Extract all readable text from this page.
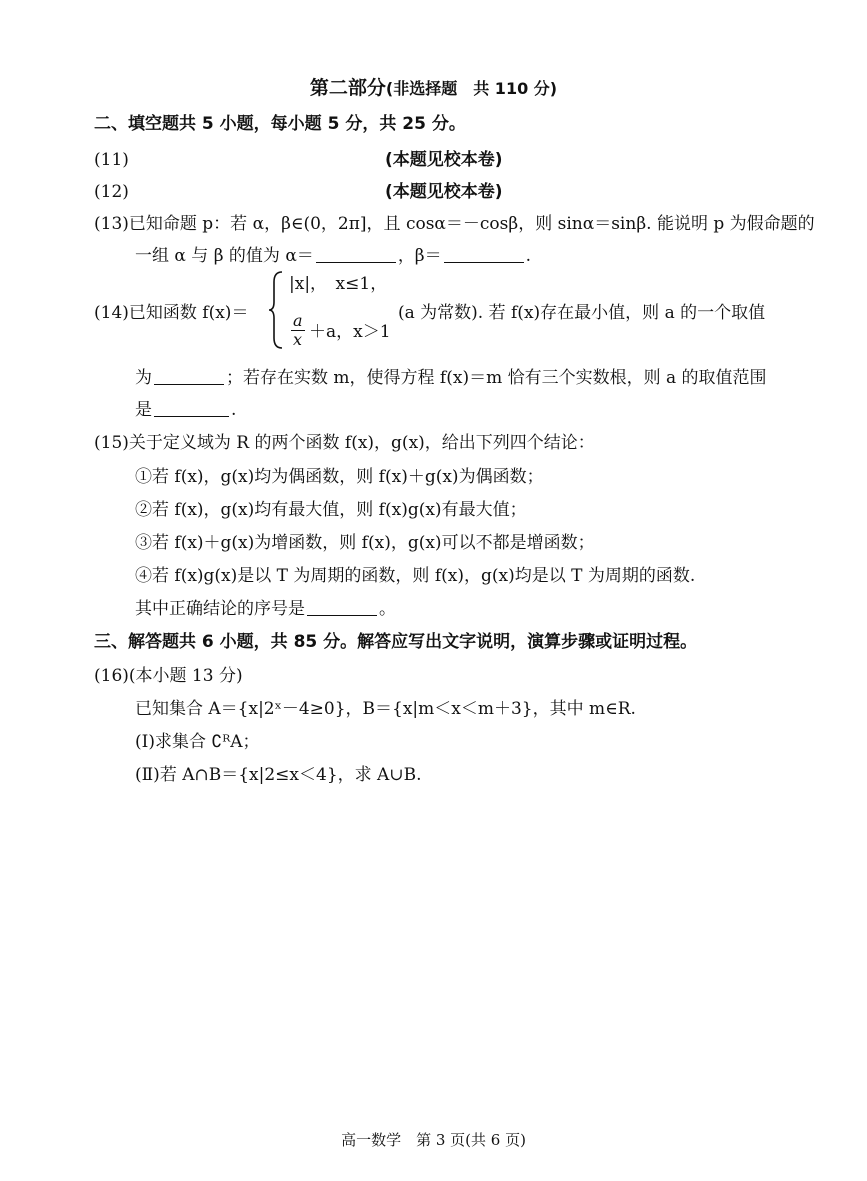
第二部分(非选择题　共 110 分)
二、填空题共 5 小题，每小题 5 分，共 25 分。
(11)	(本题见校本卷)
(12)	(本题见校本卷)
(13)已知命题 p：若 α，β∈(0，2π]，且 cosα＝－cosβ，则 sinα＝sinβ. 能说明 p 为假命题的
一组 α 与 β 的值为 α＝	，β＝	.
(14)已知函数 f(x)＝
|x|，　x≤1，
a
x ＋a，x＞1
(a 为常数). 若 f(x)存在最小值，则 a 的一个取值
为	；若存在实数 m，使得方程 f(x)＝m 恰有三个实数根，则 a 的取值范围
是	.
(15)关于定义域为 R 的两个函数 f(x)，g(x)，给出下列四个结论：
①若 f(x)，g(x)均为偶函数，则 f(x)＋g(x)为偶函数；
②若 f(x)，g(x)均有最大值，则 f(x)g(x)有最大值；
③若 f(x)＋g(x)为增函数，则 f(x)，g(x)可以不都是增函数；
④若 f(x)g(x)是以 T 为周期的函数，则 f(x)，g(x)均是以 T 为周期的函数.
其中正确结论的序号是	。
三、解答题共 6 小题，共 85 分。解答应写出文字说明，演算步骤或证明过程。
(16)(本小题 13 分)
已知集合 A＝{x|2ˣ－4≥0}，B＝{x|m＜x＜m＋3}，其中 m∈R.
(Ⅰ)求集合 ∁ᴿA；
(Ⅱ)若 A∩B＝{x|2≤x＜4}，求 A∪B.
高一数学　第 3 页(共 6 页)
